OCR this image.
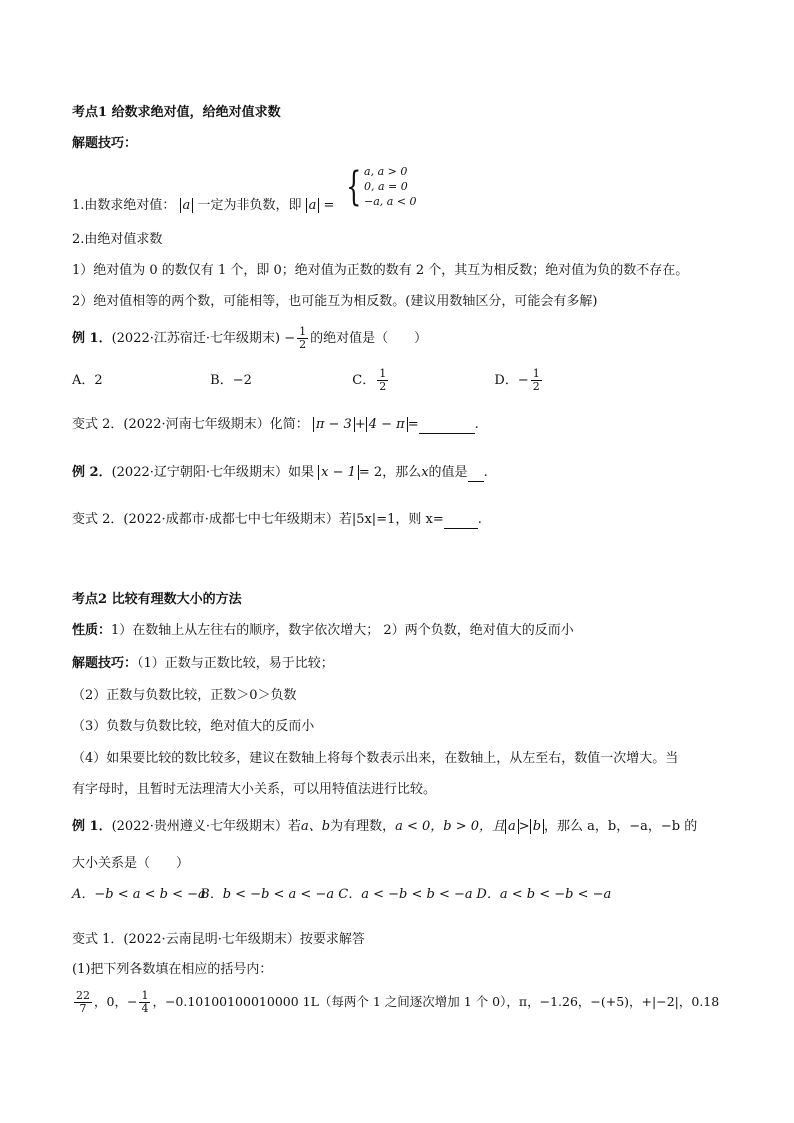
考点1 给数求绝对值，给绝对值求数
解题技巧：
1.由数求绝对值： a 一定为非负数，即 a = { a, a > 0
0, a = 0
−a, a < 0
2.由绝对值求数
1）绝对值为 0 的数仅有 1 个，即 0；绝对值为正数的数有 2 个，其互为相反数；绝对值为负的数不存在。
2）绝对值相等的两个数，可能相等，也可能互为相反数。(建议用数轴区分，可能会有多解)
例 1．(2022·江苏宿迁·七年级期末) − $\frac{1}{2}$ 的绝对值是（　　）
A．2	B．−2	C． $\frac{1}{2}$	D．− $\frac{1}{2}$
变式 2．(2022·河南七年级期末）化简： π − 3 + 4 − π =	.
例 2．(2022·辽宁朝阳·七年级期末）如果 x − 1 = 2，那么x的值是 .
变式 2．(2022·成都市·成都七中七年级期末）若|5x|=1，则 x=	.
考点2 比较有理数大小的方法
性质：1）在数轴上从左往右的顺序，数字依次增大； 2）两个负数，绝对值大的反而小
解题技巧：（1）正数与正数比较，易于比较；
（2）正数与负数比较，正数＞0＞负数
（3）负数与负数比较，绝对值大的反而小
（4）如果要比较的数比较多，建议在数轴上将每个数表示出来，在数轴上，从左至右，数值一次增大。当
有字母时，且暂时无法理清大小关系，可以用特值法进行比较。
例 1．(2022·贵州遵义·七年级期末）若a、b为有理数，a < 0，b > 0，且 a > b ，那么 a，b，−a，−b 的
大小关系是（　　）
A．−b < a < b < −a B．b < −b < a < −a C．a < −b < b < −a D．a < b < −b < −a
变式 1．(2022·云南昆明·七年级期末）按要求解答
(1)把下列各数填在相应的括号内：
$\frac{22}{7}$ ，0，− $\frac{1}{4}$ ，−0.10100100010000 1L（每两个 1 之间逐次增加 1 个 0），π，−1.26，−(+5)，+|−2|，0.18
